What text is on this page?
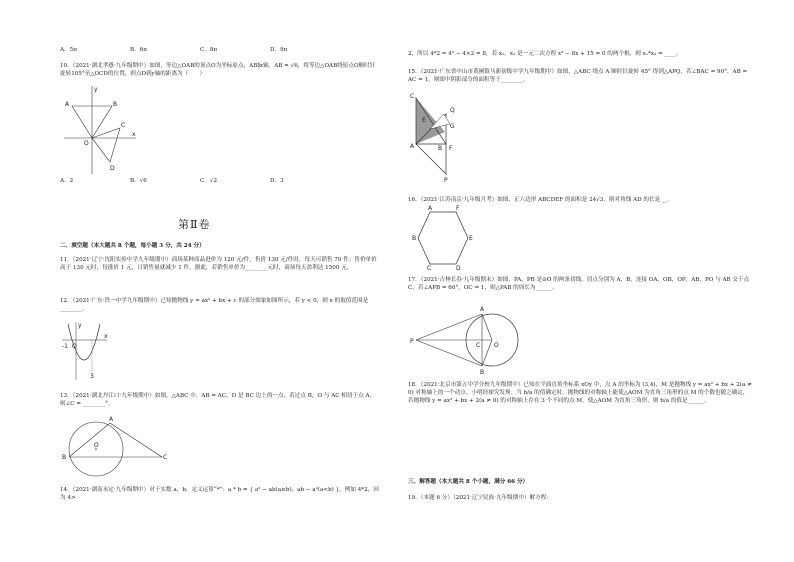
A．5π	B．6π	C．8π	D．9π
10．（2021·湖北孝感·九年级期中）如图，等边△OAB的顶点O为坐标原点，AB∥x轴，AB = √6，将等边△OAB绕原点O顺时针旋转105°至△OCD的位置，则点D到y轴的距离为（　　）
A	B
C
D
O
x
y
A．2	B．√6	C．√2	D．3
第Ⅱ卷
二、填空题（本大题共 8 个题，每小题 3 分，共 24 分）
11．（2021·辽宁·沈阳实验中学九年级期中）商场某种商品进价为 120 元/件，售价 130 元/件时，每天可销售 70 件；售价单价高于 130 元时，每涨价 1 元，日销售量就减少 1 件，据此，若销售单价为________元时，商场每天盈利达 1500 元。
12．（2021·广东·铁一中学九年级期中）已知抛物线 y = ax² + bx + c 的部分图象如图所示，若 y < 0，则 x 的取值范围是________。
y
-1 O
x
3
13．（2021·湖北丹江口·九年级期中）如图，△ABC 中，AB = AC，D 是 BC 边上的一点，若过点 B，O 与 AC 相切于点 A，则∠C = ________°。
A
B
O
C
14．（2021·湖南永定·九年级期中）对于实数 a，b，定义运算“*”：a * b = { a² − ab(a≥b)；ab − a²(a<b) }，例如 4*2，因为 4>
2，所以 4*2 = 4² − 4×2 = 8，若 x₁，x₂ 是一元二次方程 x² − 8x + 15 = 0 的两个根，则 x₁*x₂ = ____。
15．（2021·广东省中山市黄圃镇马新初级中学九年级期中）如图，△ABC 绕点 A 顺时针旋转 45° 得到△APQ，若∠BAC = 90°，AB = AC = 1，则图中阴影部分的面积等于________。
C
E
Q
G
A	B F
P
16．（2021·江苏南京·九年级月考）如图，正六边形 ABCDEF 的面积是 24√3，则对角线 AD 的长是 __。
A	F
B	E
C	D
17．（2021·吉林长春·九年级期末）如图，PA，PB 是⊙O 的两条切线，切点分别为 A，B，连接 OA，OB，OP，AB，PO 与 AB 交于点 C，若∠APB = 60°，OC = 1，则△PAB 的周长为______。
A
P
C O
B
18．（2021·北京市第五中学分校九年级期中）已知在平面直角坐标系 xOy 中，点 A 的坐标为 (3,4)，M 是抛物线 y = ax² + bx + 2(a ≠ 0) 对称轴上的一个动点。小明经探究发现：当 b/a 的值确定时，抛物线的对称轴上能使△AOM 为直角三角形的点 M 的个数也随之确定，若抛物线 y = ax² + bx + 2(a ≠ 0) 的对称轴上存在 3 个不同的点 M，使△AOM 为直角三角形，则 b/a 的值是______。
三、解答题（本大题共 8 个小题，满分 66 分）
19．（本题 6 分）（2021·辽宁民族·九年级期中）解方程：
